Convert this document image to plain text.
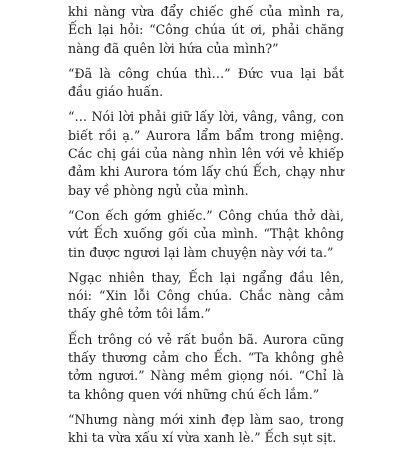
khi nàng vừa đẩy chiếc ghế của mình ra, Ếch lại hỏi: “Công chúa út ơi, phải chăng nàng đã quên lời hứa của mình?”

“Đã là công chúa thì…” Đức vua lại bắt đầu giáo huấn.

“… Nói lời phải giữ lấy lời, vâng, vâng, con biết rồi ạ.” Aurora lẩm bẩm trong miệng. Các chị gái của nàng nhìn lên với vẻ khiếp đảm khi Aurora tóm lấy chú Ếch, chạy như bay về phòng ngủ của mình.

“Con ếch gớm ghiếc.” Công chúa thở dài, vứt Ếch xuống gối của mình. “Thật không tin được ngươi lại làm chuyện này với ta.”

Ngạc nhiên thay, Ếch lại ngẩng đầu lên, nói: “Xin lỗi Công chúa. Chắc nàng cảm thấy ghê tởm tôi lắm.”

Ếch trông có vẻ rất buồn bã. Aurora cũng thấy thương cảm cho Ếch. “Ta không ghê tởm ngươi.” Nàng mềm giọng nói. “Chỉ là ta không quen với những chú ếch lắm.”

“Nhưng nàng mới xinh đẹp làm sao, trong khi ta vừa xấu xí vừa xanh lè.” Ếch sụt sịt.
